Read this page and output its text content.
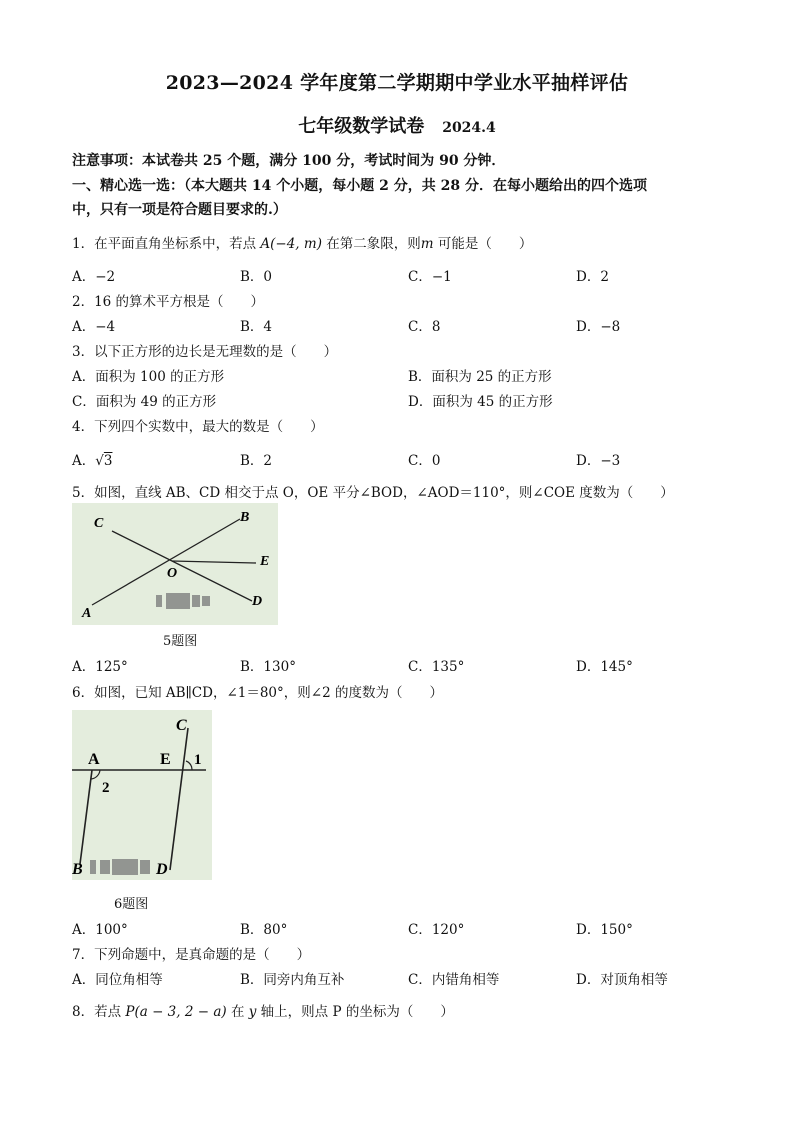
2023—2024 学年度第二学期期中学业水平抽样评估
七年级数学试卷 2024.4
注意事项：本试卷共 25 个题，满分 100 分，考试时间为 90 分钟．
一、精心选一选：（本大题共 14 个小题，每小题 2 分，共 28 分．在每小题给出的四个选项
中，只有一项是符合题目要求的.）
1．在平面直角坐标系中，若点 A(−4, m) 在第二象限，则m 可能是（　　）
A．−2	B．0	C．−1	D．2
2．16 的算术平方根是（　　）
A．−4	B．4	C．8	D．−8
3．以下正方形的边长是无理数的是（　　）
A．面积为 100 的正方形	B．面积为 25 的正方形
C．面积为 49 的正方形	D．面积为 45 的正方形
4．下列四个实数中，最大的数是（　　）
A．√3	B．2	C．0	D．−3
5．如图，直线 AB、CD 相交于点 O，OE 平分∠BOD，∠AOD＝110°，则∠COE 度数为（　　）
C	B
E
O
D
A
5题图
A．125°	B．130°	C．135°	D．145°
6．如图，已知 AB∥CD，∠1＝80°，则∠2 的度数为（　　）
C
A	E 1
2
B	D
6题图
A．100°	B．80°	C．120°	D．150°
7．下列命题中，是真命题的是（　　）
A．同位角相等	B．同旁内角互补	C．内错角相等	D．对顶角相等
8．若点 P(a − 3, 2 − a) 在 y 轴上，则点 P 的坐标为（　　）
